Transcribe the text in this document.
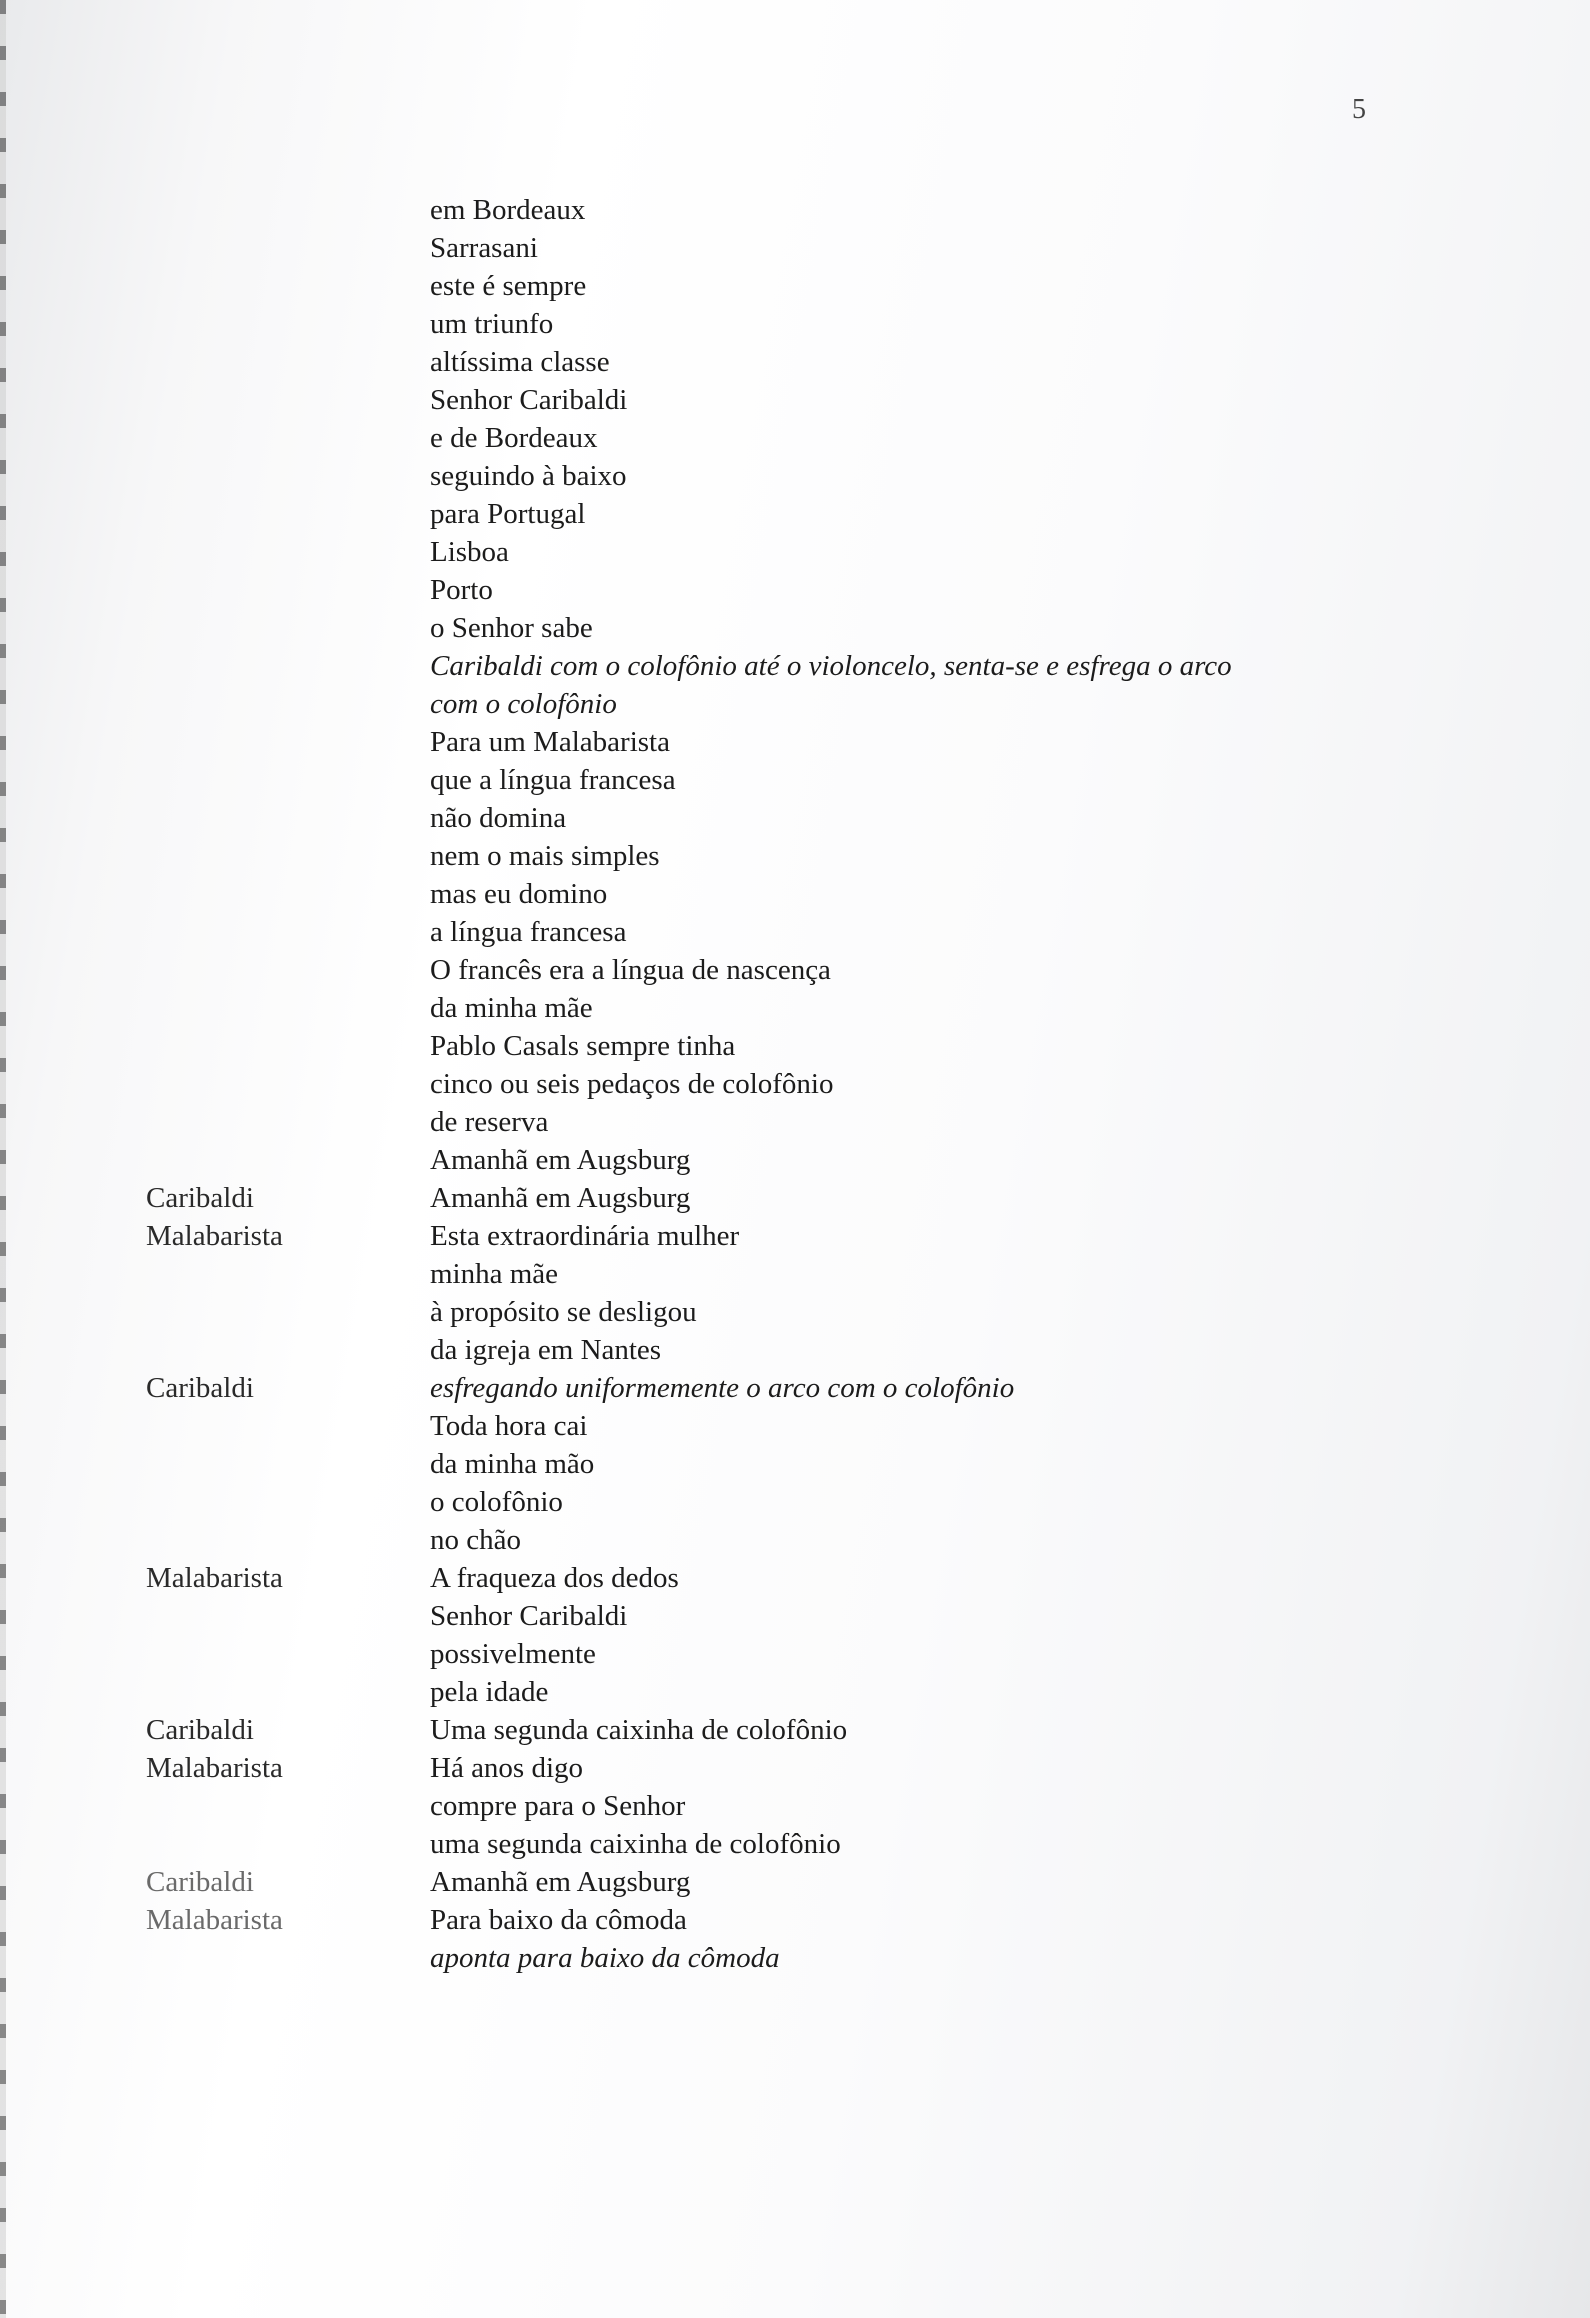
5
em Bordeaux
Sarrasani
este é sempre
um triunfo
altíssima classe
Senhor Caribaldi
e de Bordeaux
seguindo à baixo
para Portugal
Lisboa
Porto
o Senhor sabe
Caribaldi com o colofônio até o violoncelo, senta-se e esfrega o arco
com o colofônio
Para um Malabarista
que a língua francesa
não domina
nem o mais simples
mas eu domino
a língua francesa
O francês era a língua de nascença
da minha mãe
Pablo Casals sempre tinha
cinco ou seis pedaços de colofônio
de reserva
Amanhã em Augsburg
Caribaldi	Amanhã em Augsburg
Malabarista	Esta extraordinária mulher
minha mãe
à propósito se desligou
da igreja em Nantes
Caribaldi	esfregando uniformemente o arco com o colofônio
Toda hora cai
da minha mão
o colofônio
no chão
Malabarista	A fraqueza dos dedos
Senhor Caribaldi
possivelmente
pela idade
Caribaldi	Uma segunda caixinha de colofônio
Malabarista	Há anos digo
compre para o Senhor
uma segunda caixinha de colofônio
Caribaldi	Amanhã em Augsburg
Malabarista	Para baixo da cômoda
aponta para baixo da cômoda
